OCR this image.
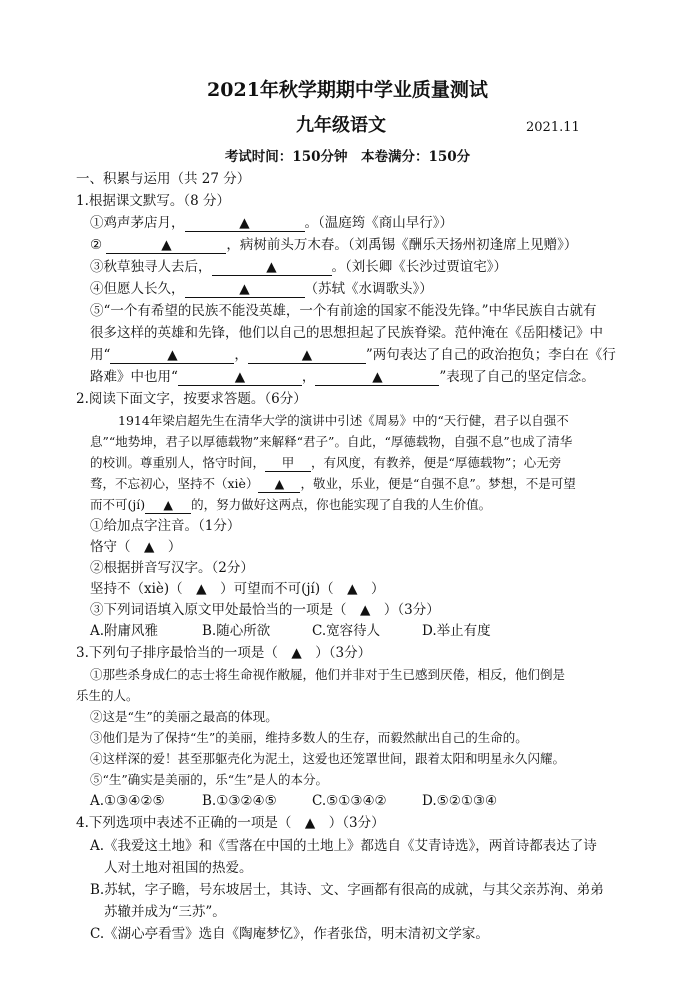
2021年秋学期期中学业质量测试
九年级语文	2021.11
考试时间：150分钟　本卷满分：150分
一、积累与运用（共 27 分）
1.根据课文默写。（8 分）
①鸡声茅店月，	▲	。（温庭筠《商山早行》）
②	▲	，病树前头万木春。（刘禹锡《酬乐天扬州初逢席上见赠》）
③秋草独寻人去后，	▲	。（刘长卿《长沙过贾谊宅》）
④但愿人长久，	▲	（苏轼《水调歌头》）
⑤“一个有希望的民族不能没英雄，一个有前途的国家不能没先锋。”中华民族自古就有
很多这样的英雄和先锋，他们以自己的思想担起了民族脊梁。范仲淹在《岳阳楼记》中
用“	▲	，	▲	”两句表达了自己的政治抱负；李白在《行
路难》中也用“	▲	，	▲	”表现了自己的坚定信念。
2.阅读下面文字，按要求答题。（6分）
1914年梁启超先生在清华大学的演讲中引述《周易》中的“天行健，君子以自强不
息”“地势坤，君子以厚德载物”来解释“君子”。自此，“厚德载物，自强不息”也成了清华
的校训。尊重别人，恪守时间， 甲 ，有风度，有教养，便是“厚德载物”；心无旁
骛，不忘初心，坚持不（xiè） ▲ ，敬业，乐业，便是“自强不息”。梦想，不是可望
而不可(jí) ▲ 的，努力做好这两点，你也能实现了自我的人生价值。
①给加点字注音。（1分）
恪守（　▲　）
②根据拼音写汉字。（2分）
坚持不（xiè)（　▲　）可望而不可(jí)（　▲　）
③下列词语填入原文甲处最恰当的一项是（　▲　）（3分）
A.附庸风雅	B.随心所欲	C.宽容待人	D.举止有度
3.下列句子排序最恰当的一项是（　▲　）（3分）
①那些杀身成仁的志士将生命视作敝屣，他们并非对于生已感到厌倦，相反，他们倒是
乐生的人。
②这是“生”的美丽之最高的体现。
③他们是为了保持“生”的美丽，维持多数人的生存，而毅然献出自己的生命的。
④这样深的爱！甚至那躯壳化为泥土，这爱也还笼罩世间，跟着太阳和明星永久闪耀。
⑤“生”确实是美丽的，乐“生”是人的本分。
A.①③④②⑤	B.①③②④⑤	C.⑤①③④②	D.⑤②①③④
4.下列选项中表述不正确的一项是（　▲　）（3分）
A.《我爱这土地》和《雪落在中国的土地上》都选自《艾青诗选》，两首诗都表达了诗
人对土地对祖国的热爱。
B.苏轼，字子瞻，号东坡居士，其诗、文、字画都有很高的成就，与其父亲苏洵、弟弟
苏辙并成为“三苏”。
C.《湖心亭看雪》选自《陶庵梦忆》，作者张岱，明末清初文学家。
